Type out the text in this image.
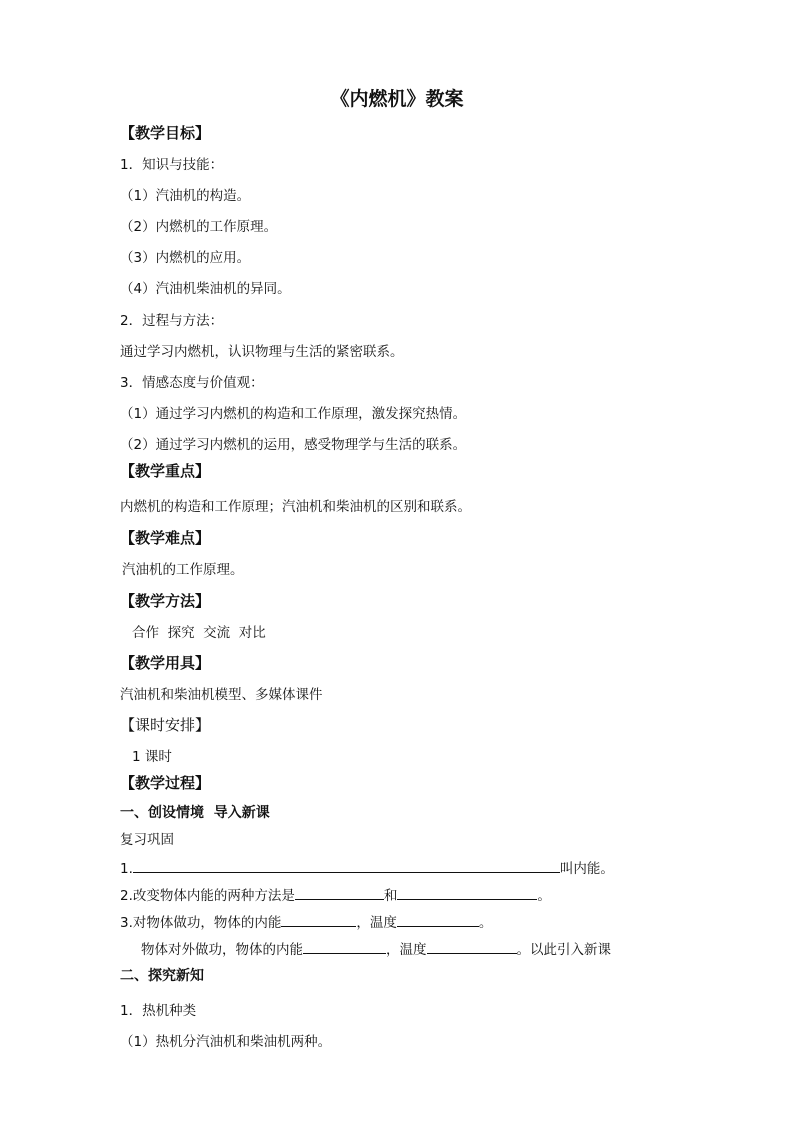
《内燃机》教案
【教学目标】
1．知识与技能：
（1）汽油机的构造。
（2）内燃机的工作原理。
（3）内燃机的应用。
（4）汽油机柴油机的异同。
2．过程与方法：
通过学习内燃机，认识物理与生活的紧密联系。
3．情感态度与价值观：
（1）通过学习内燃机的构造和工作原理，激发探究热情。
（2）通过学习内燃机的运用，感受物理学与生活的联系。
【教学重点】
内燃机的构造和工作原理；汽油机和柴油机的区别和联系。
【教学难点】
汽油机的工作原理。
【教学方法】
合作  探究  交流  对比
【教学用具】
汽油机和柴油机模型、多媒体课件
【课时安排】
1 课时
【教学过程】
一、创设情境  导入新课
复习巩固
1.	叫内能。
2.改变物体内能的两种方法是	和	。
3.对物体做功，物体的内能	，温度	。
物体对外做功，物体的内能	，温度	。以此引入新课
二、探究新知
1．热机种类
（1）热机分汽油机和柴油机两种。
